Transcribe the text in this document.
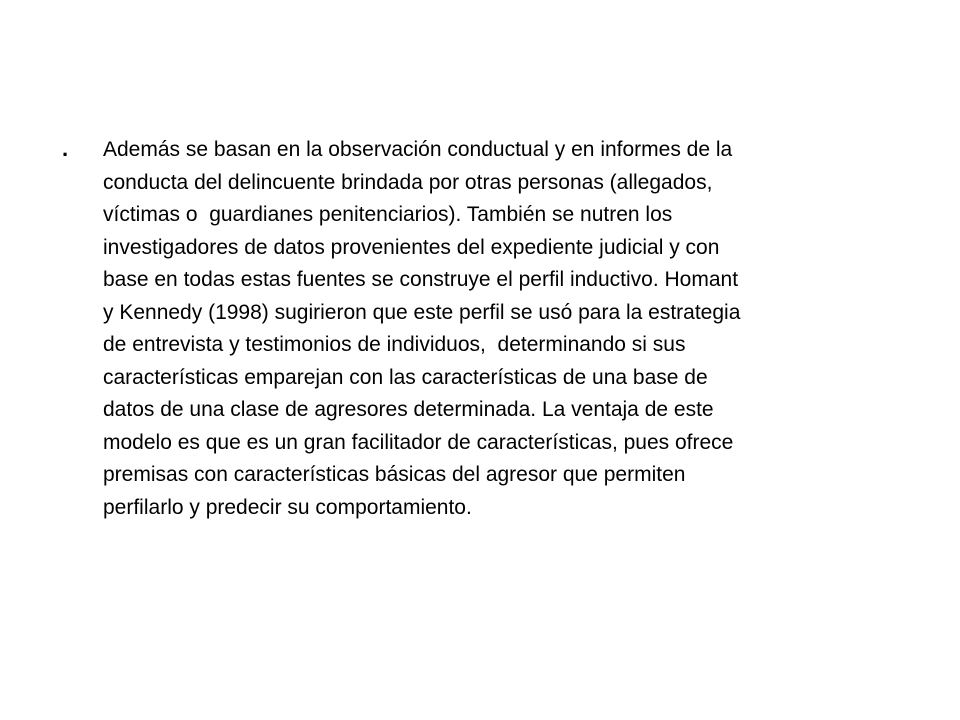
. Además se basan en la observación conductual y en informes de la
conducta del delincuente brindada por otras personas (allegados,
víctimas o  guardianes penitenciarios). También se nutren los
investigadores de datos provenientes del expediente judicial y con
base en todas estas fuentes se construye el perfil inductivo. Homant
y Kennedy (1998) sugirieron que este perfil se usó para la estrategia
de entrevista y testimonios de individuos,  determinando si sus
características emparejan con las características de una base de
datos de una clase de agresores determinada. La ventaja de este
modelo es que es un gran facilitador de características, pues ofrece
premisas con características básicas del agresor que permiten
perfilarlo y predecir su comportamiento.
